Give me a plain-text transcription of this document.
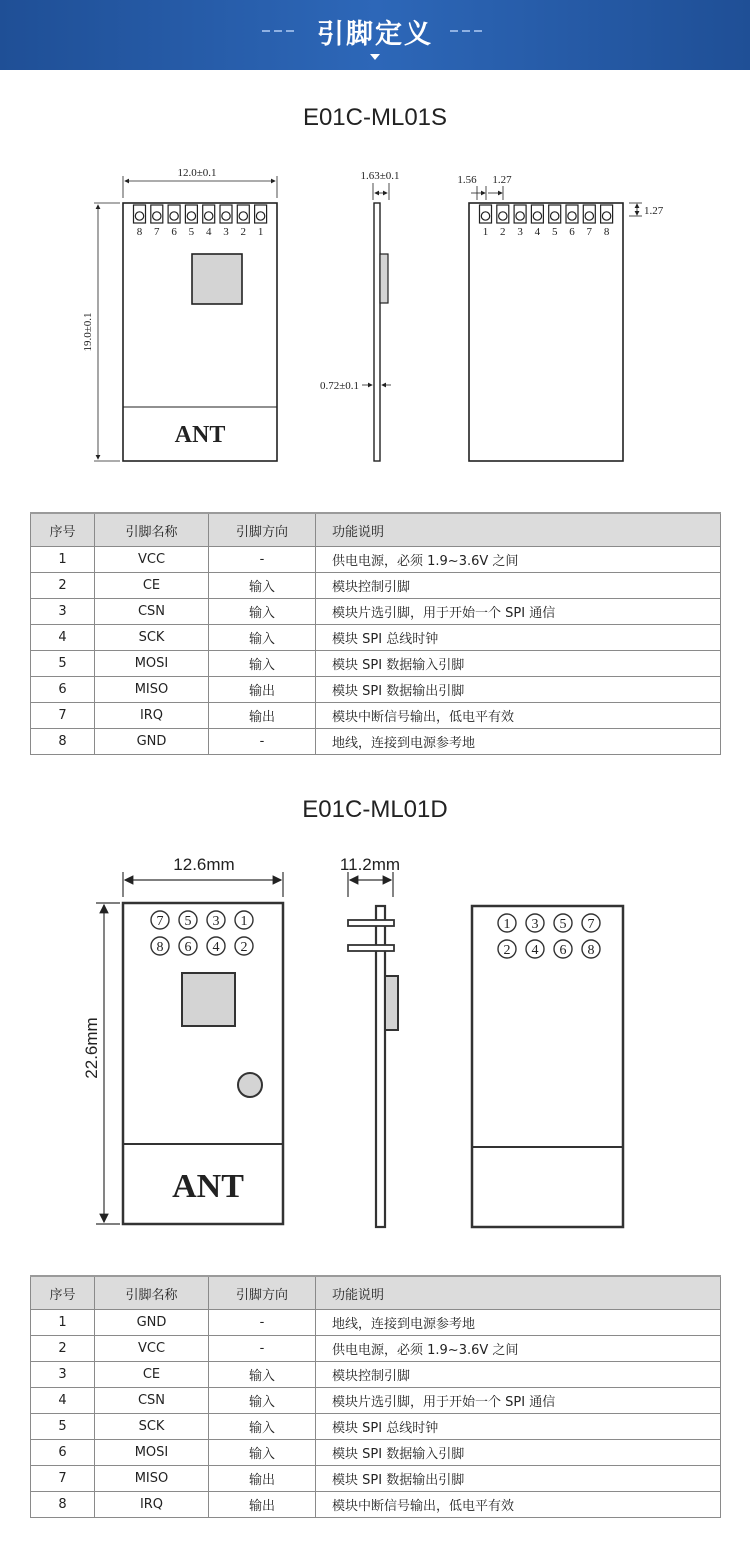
引脚定义
E01C-ML01S
8 7 6 5 4 3 2 1
ANT
12.0±0.1
19.0±0.1
1.63±0.1
0.72±0.1
1 2 3 4 5 6 7 8
1.56 1.27
1.27
序号	引脚名称	引脚方向	功能说明
1	VCC	-	供电电源，必须 1.9~3.6V 之间
2	CE	输入	模块控制引脚
3	CSN	输入	模块片选引脚，用于开始一个 SPI 通信
4	SCK	输入	模块 SPI 总线时钟
5	MOSI	输入	模块 SPI 数据输入引脚
6	MISO	输出	模块 SPI 数据输出引脚
7	IRQ	输出	模块中断信号输出，低电平有效
8	GND	-	地线，连接到电源参考地
E01C-ML01D
7 5 3 1
8 6 4 2
ANT
12.6mm
22.6mm
11.2mm
1 3 5 7
2 4 6 8
序号	引脚名称	引脚方向	功能说明
1	GND	-	地线，连接到电源参考地
2	VCC	-	供电电源，必须 1.9~3.6V 之间
3	CE	输入	模块控制引脚
4	CSN	输入	模块片选引脚，用于开始一个 SPI 通信
5	SCK	输入	模块 SPI 总线时钟
6	MOSI	输入	模块 SPI 数据输入引脚
7	MISO	输出	模块 SPI 数据输出引脚
8	IRQ	输出	模块中断信号输出，低电平有效
